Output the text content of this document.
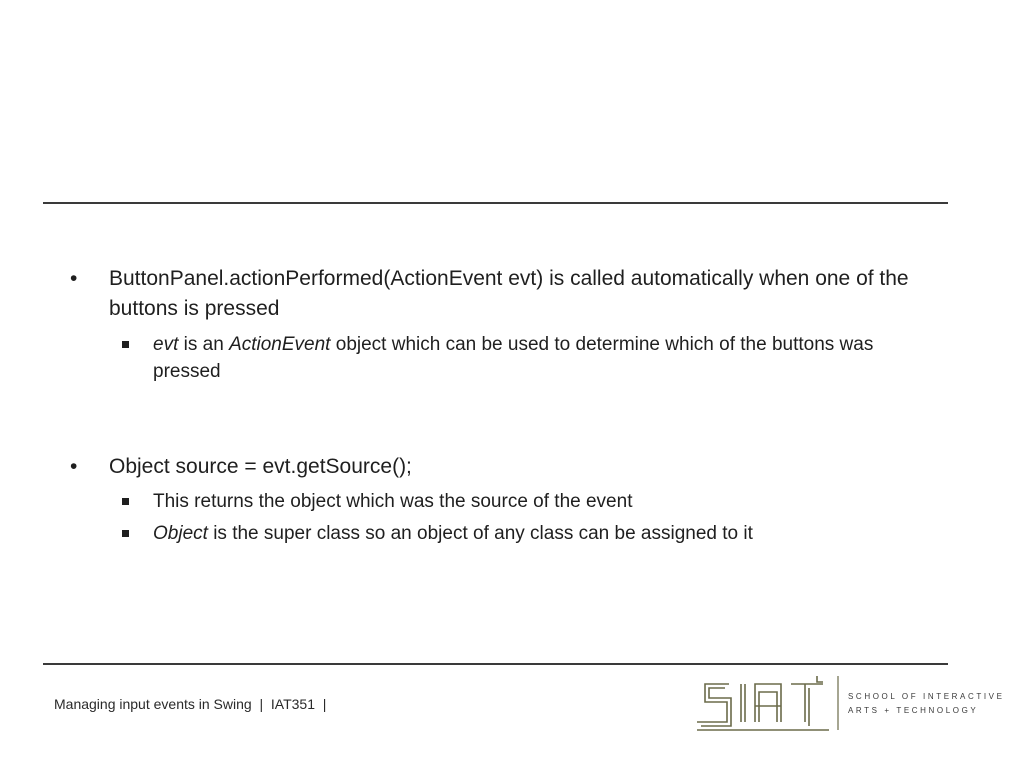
•	ButtonPanel.actionPerformed(ActionEvent evt) is called automatically when one of the buttons is pressed
evt is an ActionEvent object which can be used to determine which of the buttons was pressed
•	Object source = evt.getSource();
This returns the object which was the source of the event
Object is the super class so an object of any class can be assigned to it
Managing input events in Swing  |  IAT351  |	SCHOOL OF INTERACTIVE
ARTS + TECHNOLOGY
